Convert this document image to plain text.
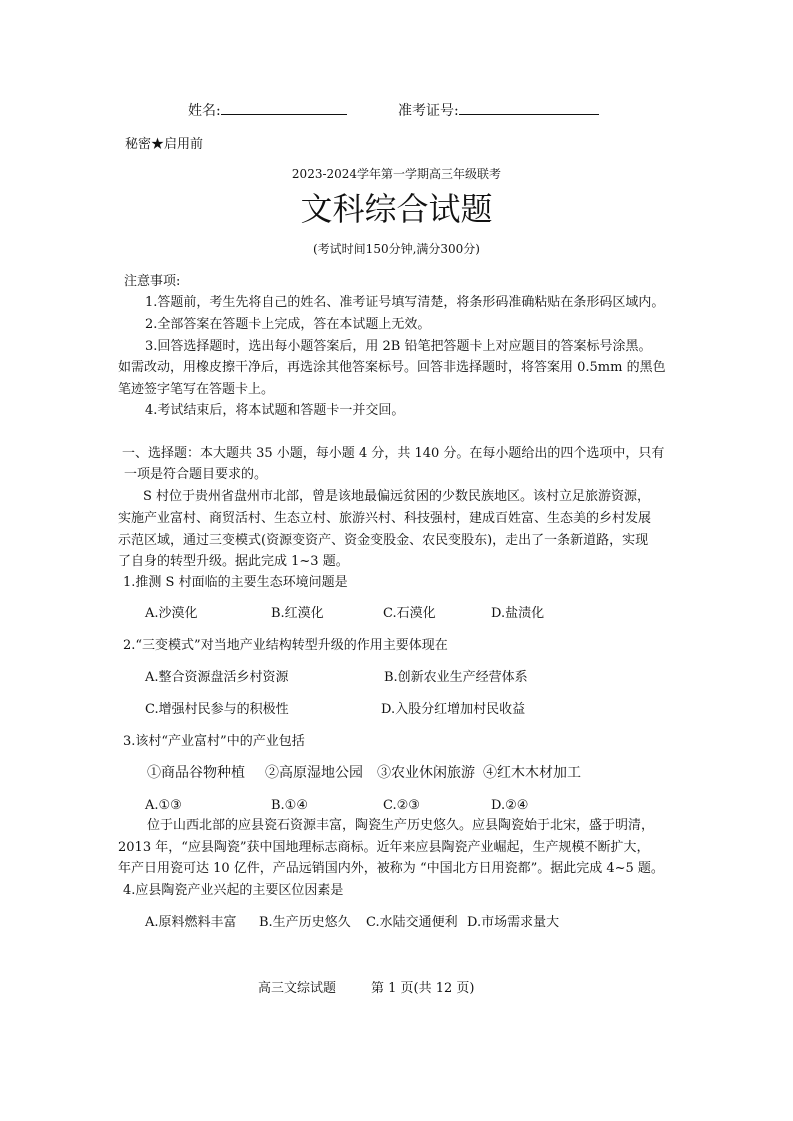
姓名:	准考证号:
秘密★启用前
2023-2024学年第一学期高三年级联考
文科综合试题
(考试时间150分钟,满分300分)
注意事项:
1.答题前，考生先将自己的姓名、准考证号填写清楚，将条形码准确粘贴在条形码区域内。
2.全部答案在答题卡上完成，答在本试题上无效。
3.回答选择题时，选出每小题答案后，用 2B 铅笔把答题卡上对应题目的答案标号涂黑。
如需改动，用橡皮擦干净后，再选涂其他答案标号。回答非选择题时，将答案用 0.5mm 的黑色
笔迹签字笔写在答题卡上。
4.考试结束后，将本试题和答题卡一并交回。
一、选择题：本大题共 35 小题，每小题 4 分，共 140 分。在每小题给出的四个选项中，只有
一项是符合题目要求的。
S 村位于贵州省盘州市北部，曾是该地最偏远贫困的少数民族地区。该村立足旅游资源，
实施产业富村、商贸活村、生态立村、旅游兴村、科技强村，建成百姓富、生态美的乡村发展
示范区域，通过三变模式(资源变资产、资金变股金、农民变股东)，走出了一条新道路，实现
了自身的转型升级。据此完成 1~3 题。
1.推测 S 村面临的主要生态环境问题是
A.沙漠化	B.红漠化	C.石漠化	D.盐渍化
2.“三变模式”对当地产业结构转型升级的作用主要体现在
A.整合资源盘活乡村资源	B.创新农业生产经营体系
C.增强村民参与的积极性	D.入股分红增加村民收益
3.该村“产业富村”中的产业包括
①商品谷物种植 ②高原湿地公园 ③农业休闲旅游 ④红木木材加工
A.①③	B.①④	C.②③	D.②④
位于山西北部的应县瓷石资源丰富，陶瓷生产历史悠久。应县陶瓷始于北宋，盛于明清，
2013 年，“应县陶瓷”获中国地理标志商标。近年来应县陶瓷产业崛起，生产规模不断扩大，
年产日用瓷可达 10 亿件，产品远销国内外，被称为 “中国北方日用瓷都”。据此完成 4~5 题。
4.应县陶瓷产业兴起的主要区位因素是
A.原料燃料丰富 B.生产历史悠久 C.水陆交通便利 D.市场需求量大
高三文综试题	第 1 页(共 12 页)
